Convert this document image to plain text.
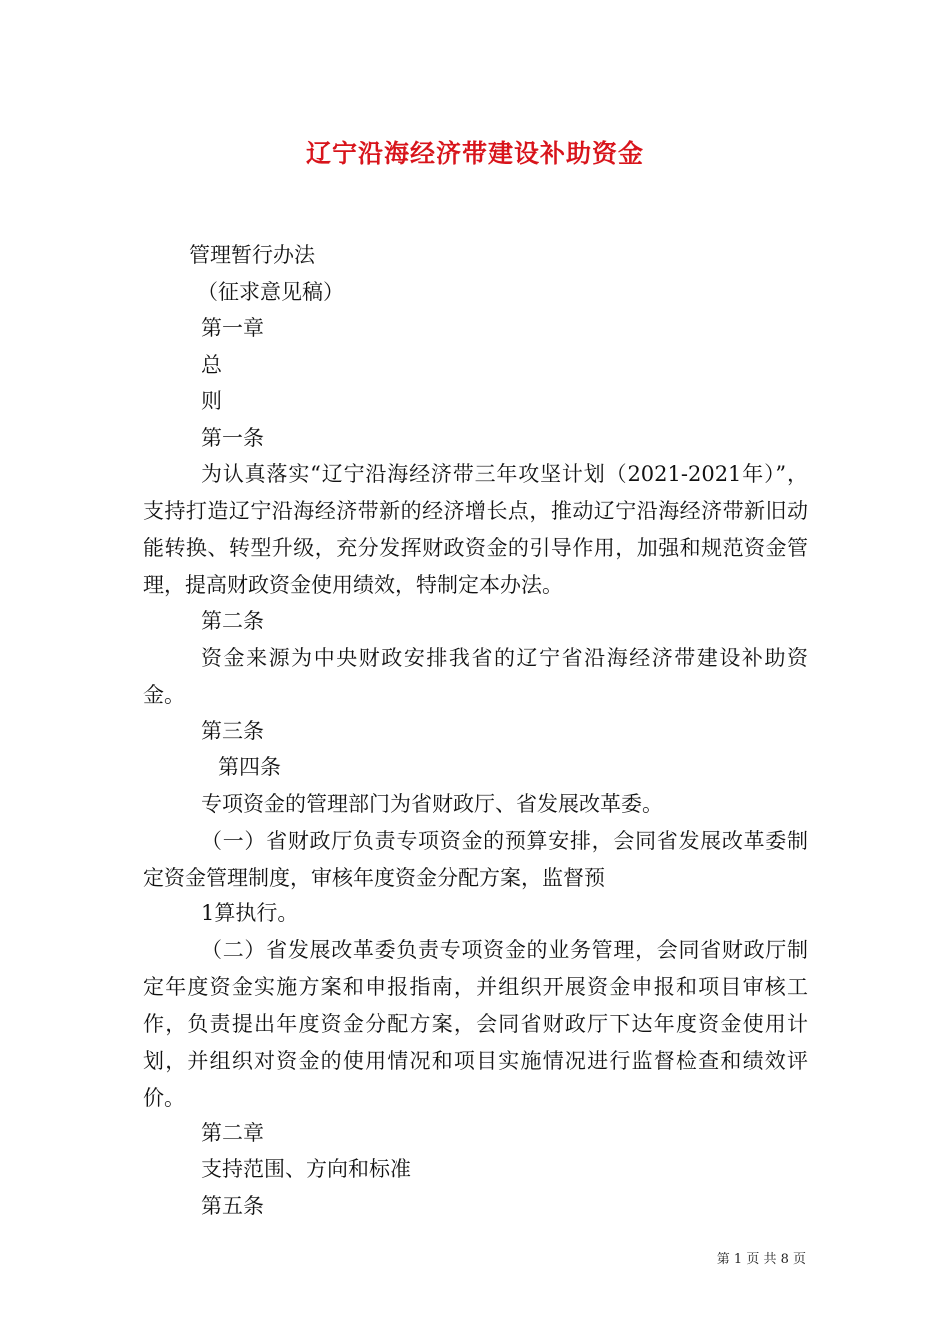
辽宁沿海经济带建设补助资金
管理暂行办法
（征求意见稿）
第一章
总
则
第一条
为认真落实“辽宁沿海经济带三年攻坚计划（2021-2021年）”，支持打造辽宁沿海经济带新的经济增长点，推动辽宁沿海经济带新旧动能转换、转型升级，充分发挥财政资金的引导作用，加强和规范资金管理，提高财政资金使用绩效，特制定本办法。
第二条
资金来源为中央财政安排我省的辽宁省沿海经济带建设补助资金。
第三条
第四条
专项资金的管理部门为省财政厅、省发展改革委。
（一）省财政厅负责专项资金的预算安排，会同省发展改革委制定资金管理制度，审核年度资金分配方案，监督预
1算执行。
（二）省发展改革委负责专项资金的业务管理，会同省财政厅制定年度资金实施方案和申报指南，并组织开展资金申报和项目审核工作，负责提出年度资金分配方案，会同省财政厅下达年度资金使用计划，并组织对资金的使用情况和项目实施情况进行监督检查和绩效评价。
第二章
支持范围、方向和标准
第五条
第 1 页 共 8 页
